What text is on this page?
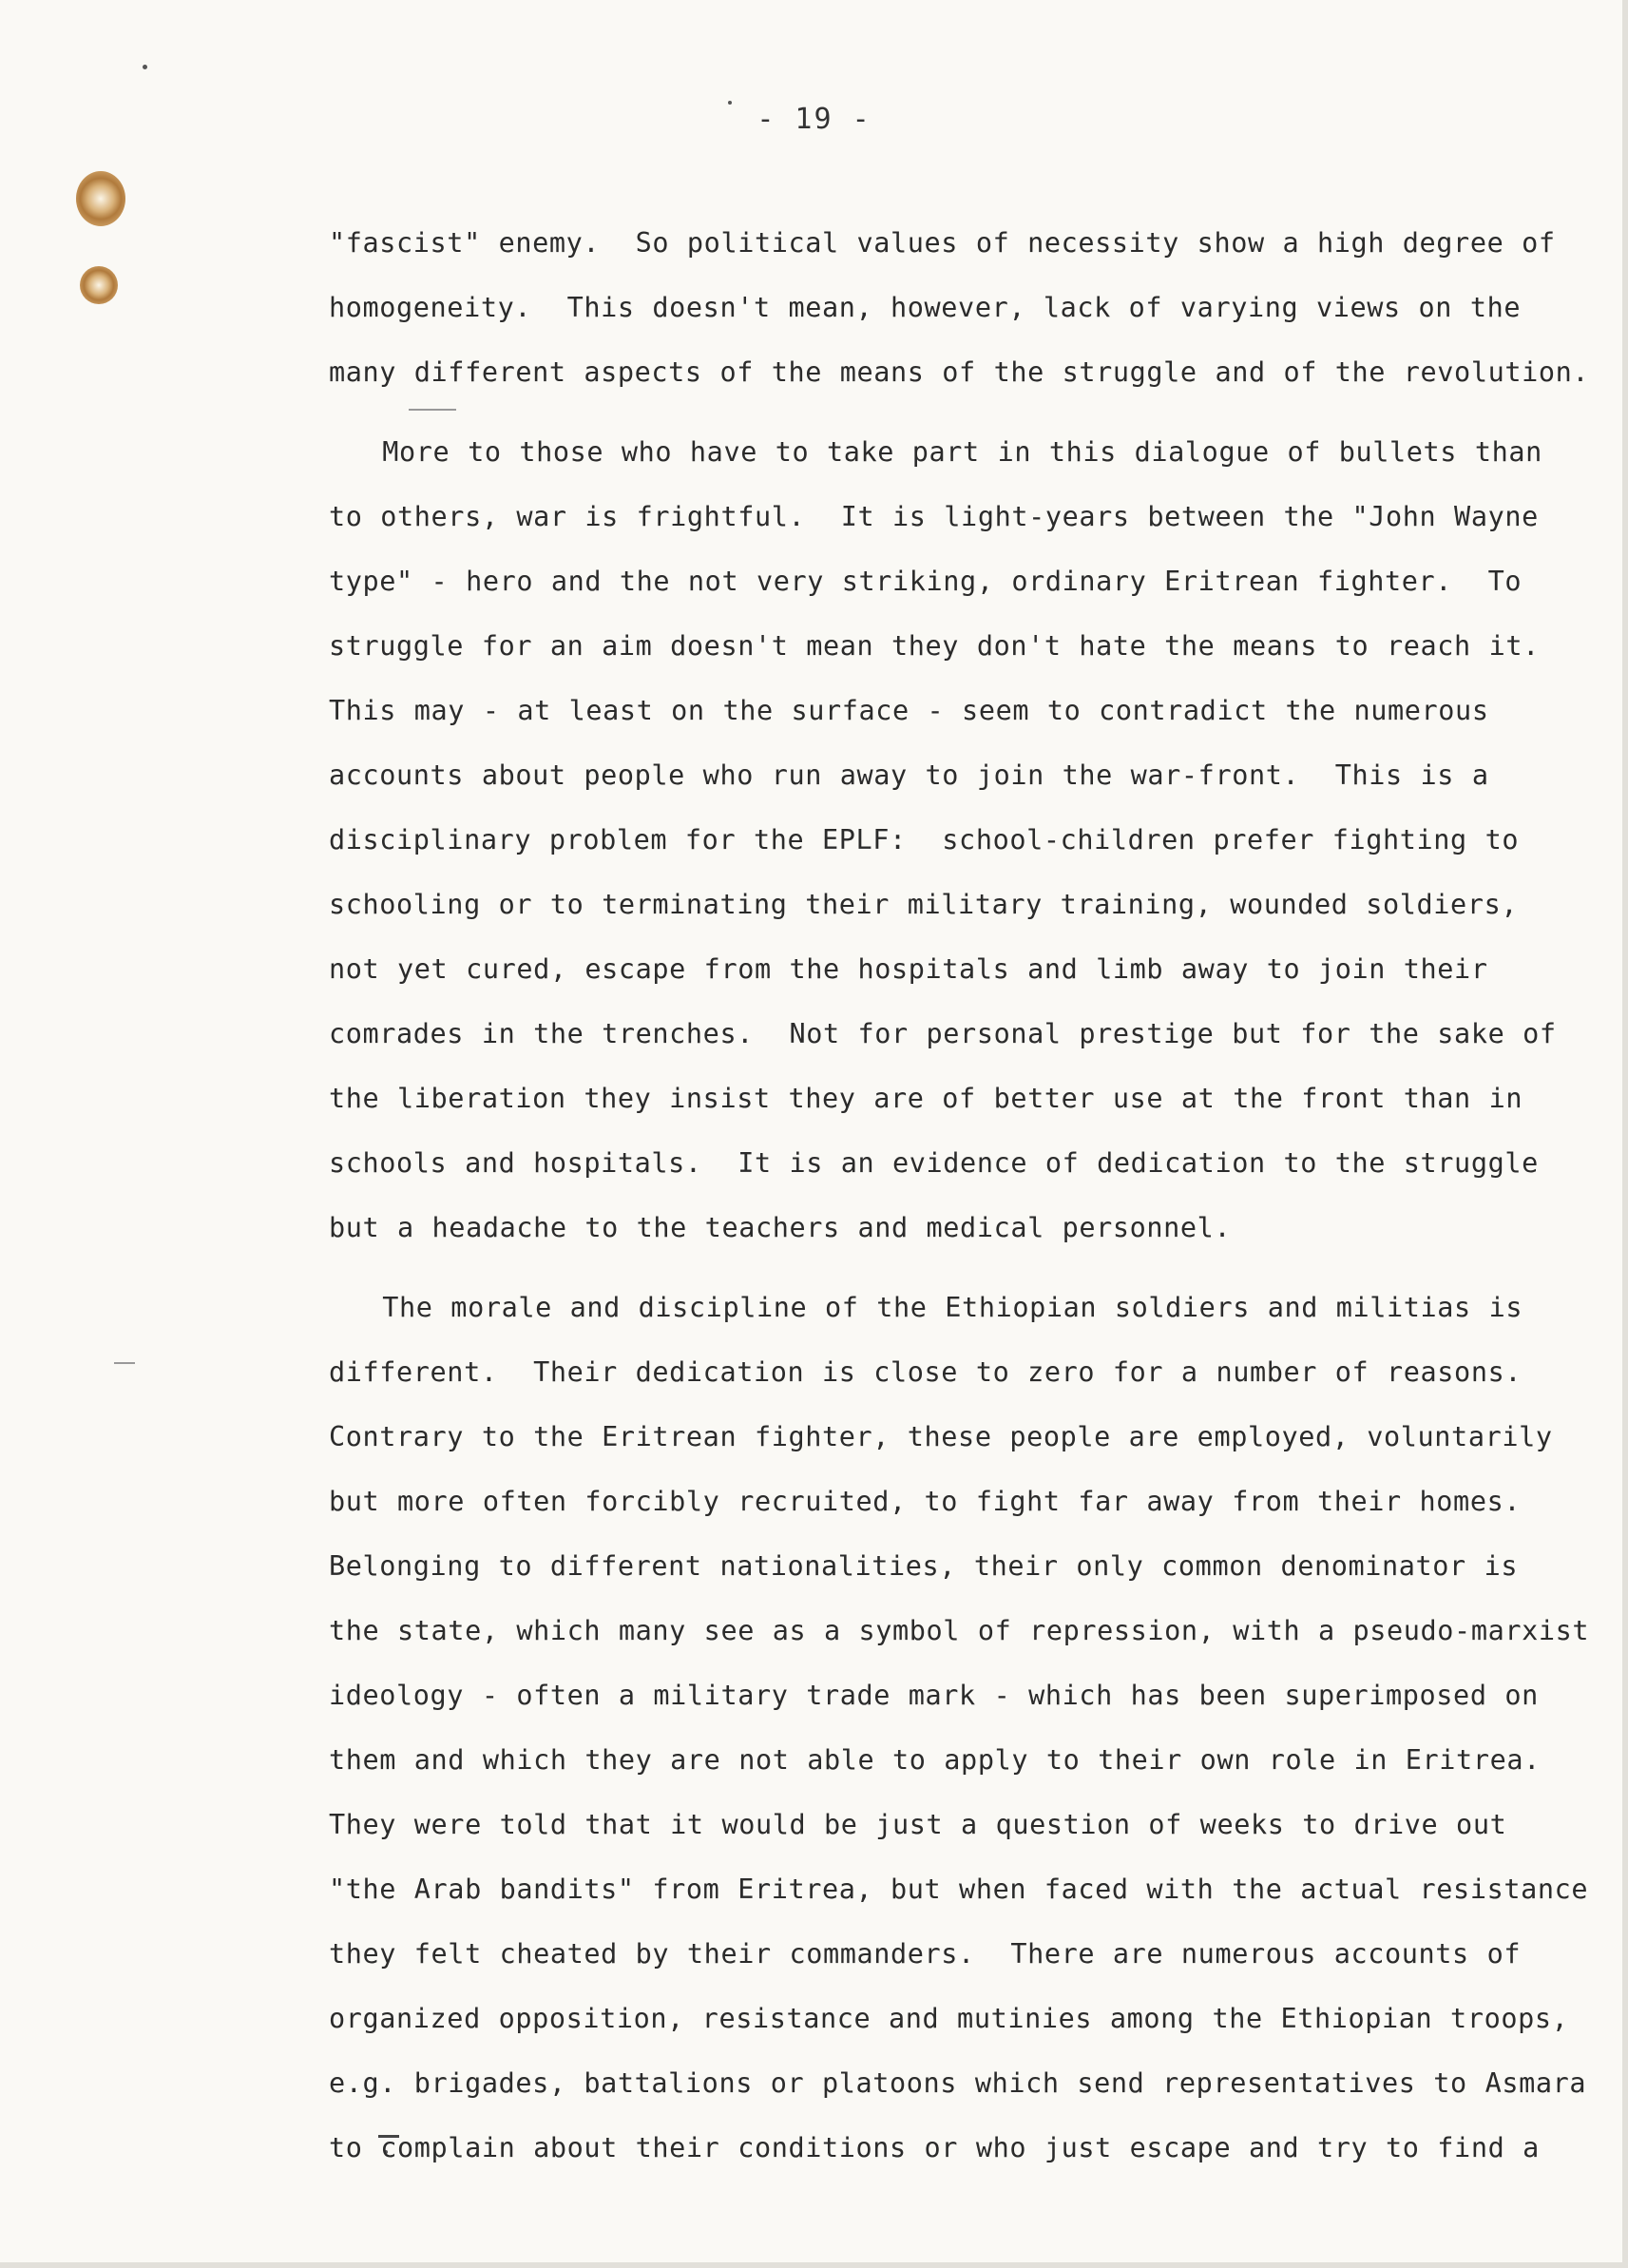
- 19 -
"fascist" enemy.  So political values of necessity show a high degree of
homogeneity.  This doesn't mean, however, lack of varying views on the
many different aspects of the means of the struggle and of the revolution.
More to those who have to take part in this dialogue of bullets than
to others, war is frightful.  It is light-years between the "John Wayne
type" - hero and the not very striking, ordinary Eritrean fighter.  To
struggle for an aim doesn't mean they don't hate the means to reach it.
This may - at least on the surface - seem to contradict the numerous
accounts about people who run away to join the war-front.  This is a
disciplinary problem for the EPLF:  school-children prefer fighting to
schooling or to terminating their military training, wounded soldiers,
not yet cured, escape from the hospitals and limb away to join their
comrades in the trenches.  Not for personal prestige but for the sake of
the liberation they insist they are of better use at the front than in
schools and hospitals.  It is an evidence of dedication to the struggle
but a headache to the teachers and medical personnel.
The morale and discipline of the Ethiopian soldiers and militias is
different.  Their dedication is close to zero for a number of reasons.
Contrary to the Eritrean fighter, these people are employed, voluntarily
but more often forcibly recruited, to fight far away from their homes.
Belonging to different nationalities, their only common denominator is
the state, which many see as a symbol of repression, with a pseudo-marxist
ideology - often a military trade mark - which has been superimposed on
them and which they are not able to apply to their own role in Eritrea.
They were told that it would be just a question of weeks to drive out
"the Arab bandits" from Eritrea, but when faced with the actual resistance
they felt cheated by their commanders.  There are numerous accounts of
organized opposition, resistance and mutinies among the Ethiopian troops,
e.g. brigades, battalions or platoons which send representatives to Asmara
to complain about their conditions or who just escape and try to find a
